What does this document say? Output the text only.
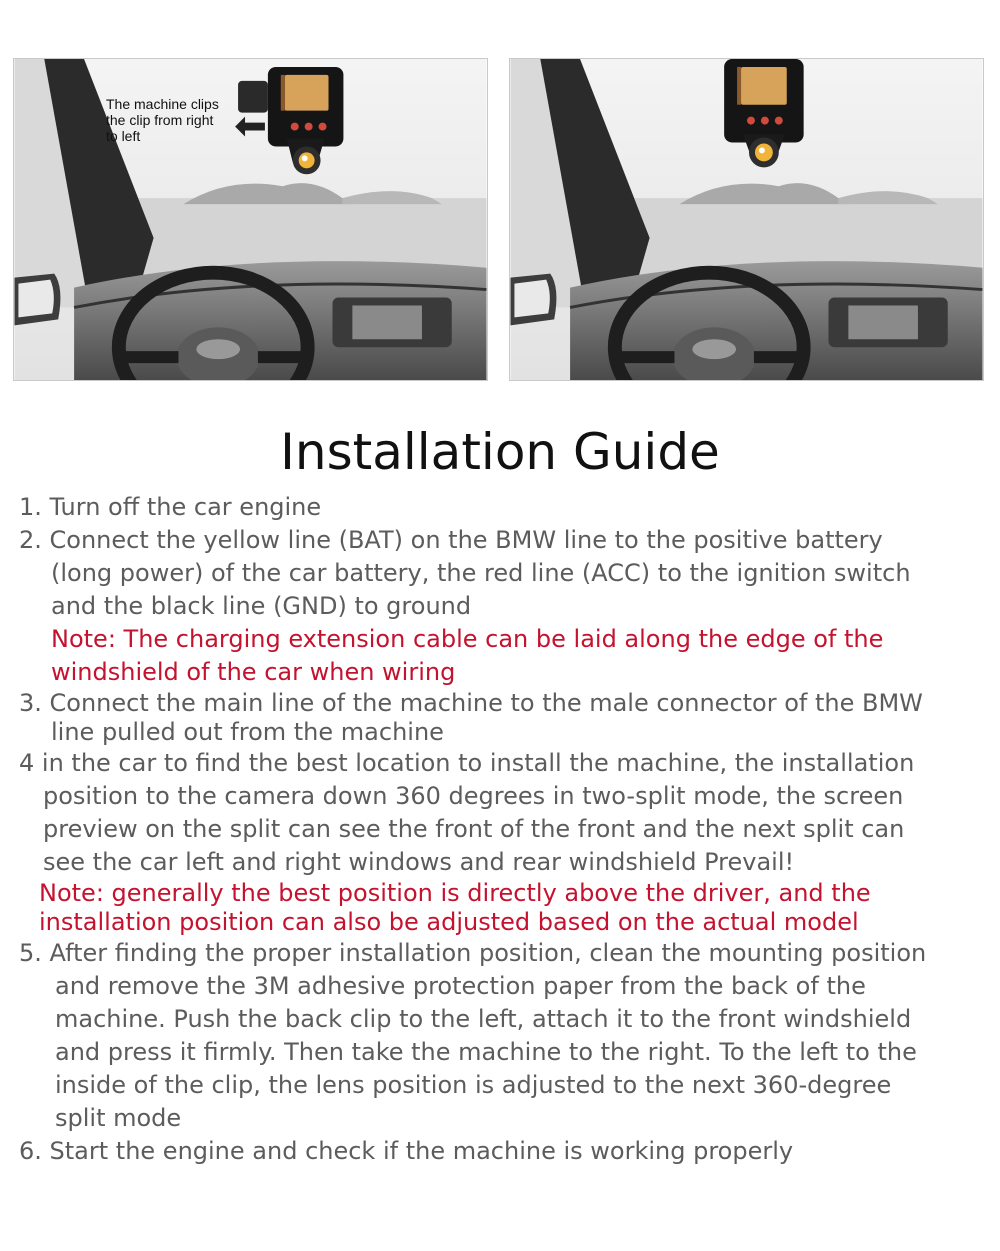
The machine clips
the clip from right
to left

Installation Guide

1. Turn off the car engine

2. Connect the yellow line (BAT) on the BMW line to the positive battery
(long power) of the car battery, the red line (ACC) to the ignition switch
and the black line (GND) to ground

Note: The charging extension cable can be laid along the edge of the
windshield of the car when wiring

3. Connect the main line of the machine to the male connector of the BMW
line pulled out from the machine

4 in the car to find the best location to install the machine, the installation
position to the camera down 360 degrees in two-split mode, the screen
preview on the split can see the front of the front and the next split can
see the car left and right windows and rear windshield Prevail!

Note: generally the best position is directly above the driver, and the
installation position can also be adjusted based on the actual model

5. After finding the proper installation position, clean the mounting position
and remove the 3M adhesive protection paper from the back of the
machine. Push the back clip to the left, attach it to the front windshield
and press it firmly. Then take the machine to the right. To the left to the
inside of the clip, the lens position is adjusted to the next 360-degree
split mode

6. Start the engine and check if the machine is working properly
